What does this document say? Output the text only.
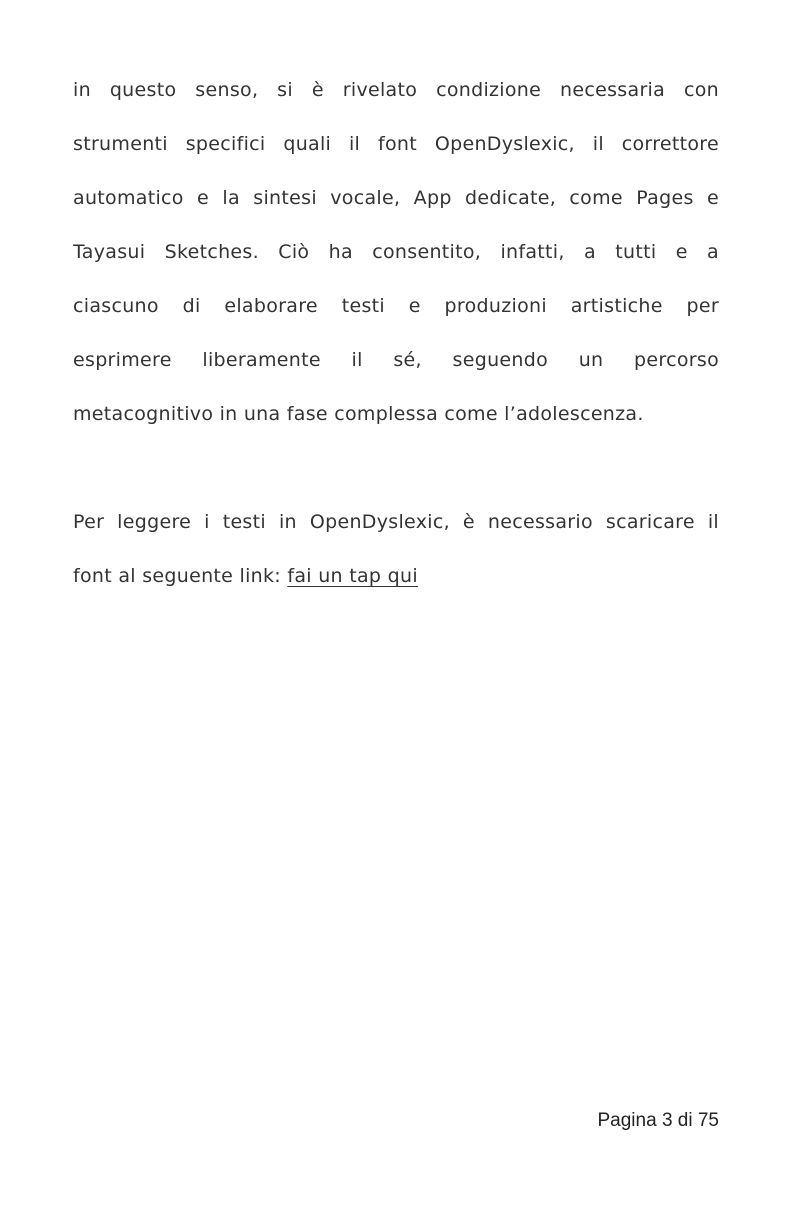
in questo senso, si è rivelato condizione necessaria con
strumenti specifici quali il font OpenDyslexic, il correttore
automatico e la sintesi vocale, App dedicate, come Pages e
Tayasui Sketches. Ciò ha consentito, infatti, a tutti e a
ciascuno di elaborare testi e produzioni artistiche per
esprimere liberamente il sé, seguendo un percorso
metacognitivo in una fase complessa come l’adolescenza.

Per leggere i testi in OpenDyslexic, è necessario scaricare il
font al seguente link: fai un tap qui

Pagina 3 di 75
